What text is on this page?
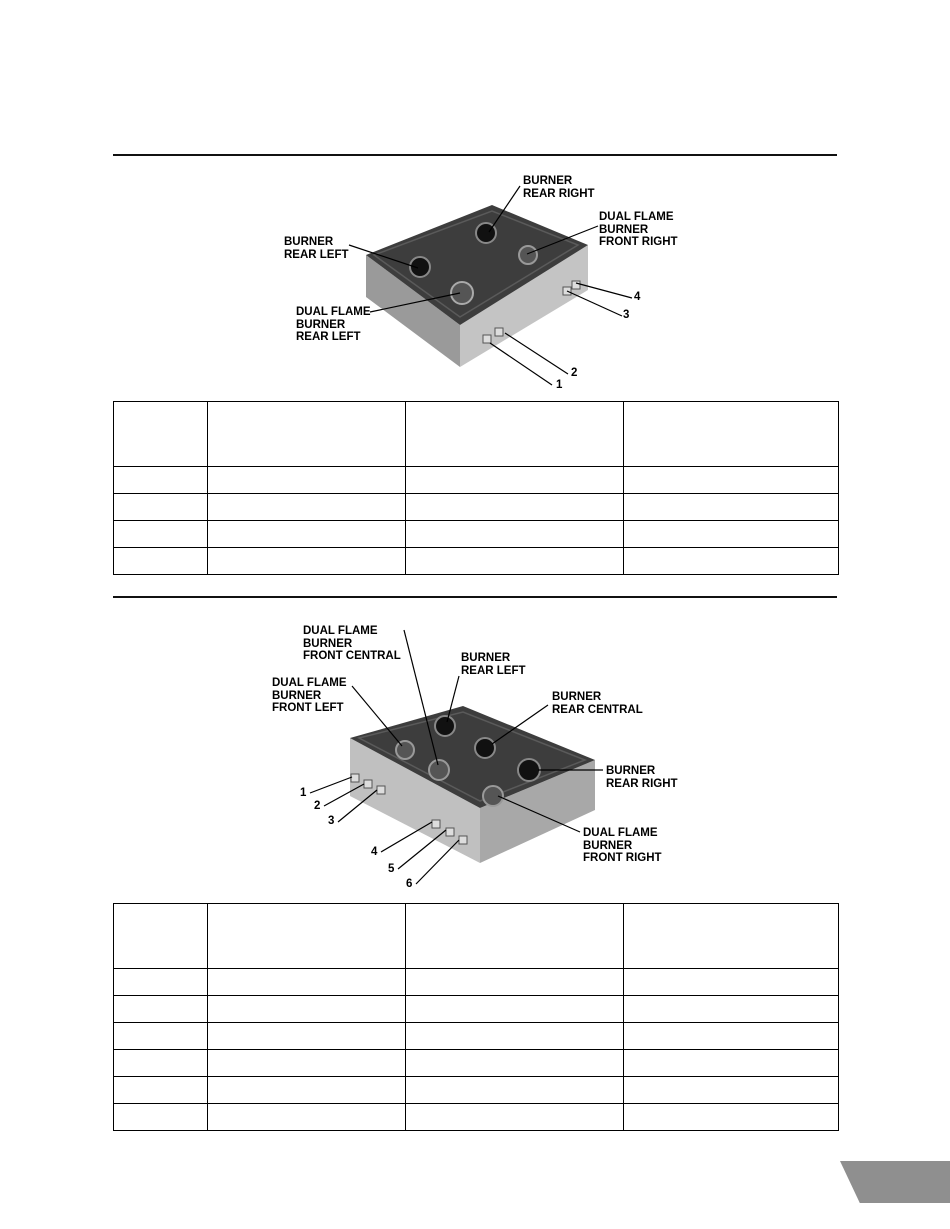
BURNER
REAR RIGHT
DUAL FLAME
BURNER
FRONT RIGHT
BURNER
REAR LEFT
DUAL FLAME
BURNER
REAR LEFT
4
3
2
1

DUAL FLAME
BURNER
FRONT CENTRAL	BURNER
REAR LEFT
DUAL FLAME
BURNER
FRONT LEFT
BURNER
REAR CENTRAL
BURNER
REAR RIGHT
DUAL FLAME
BURNER
FRONT RIGHT
1
2
3
4
5
6
